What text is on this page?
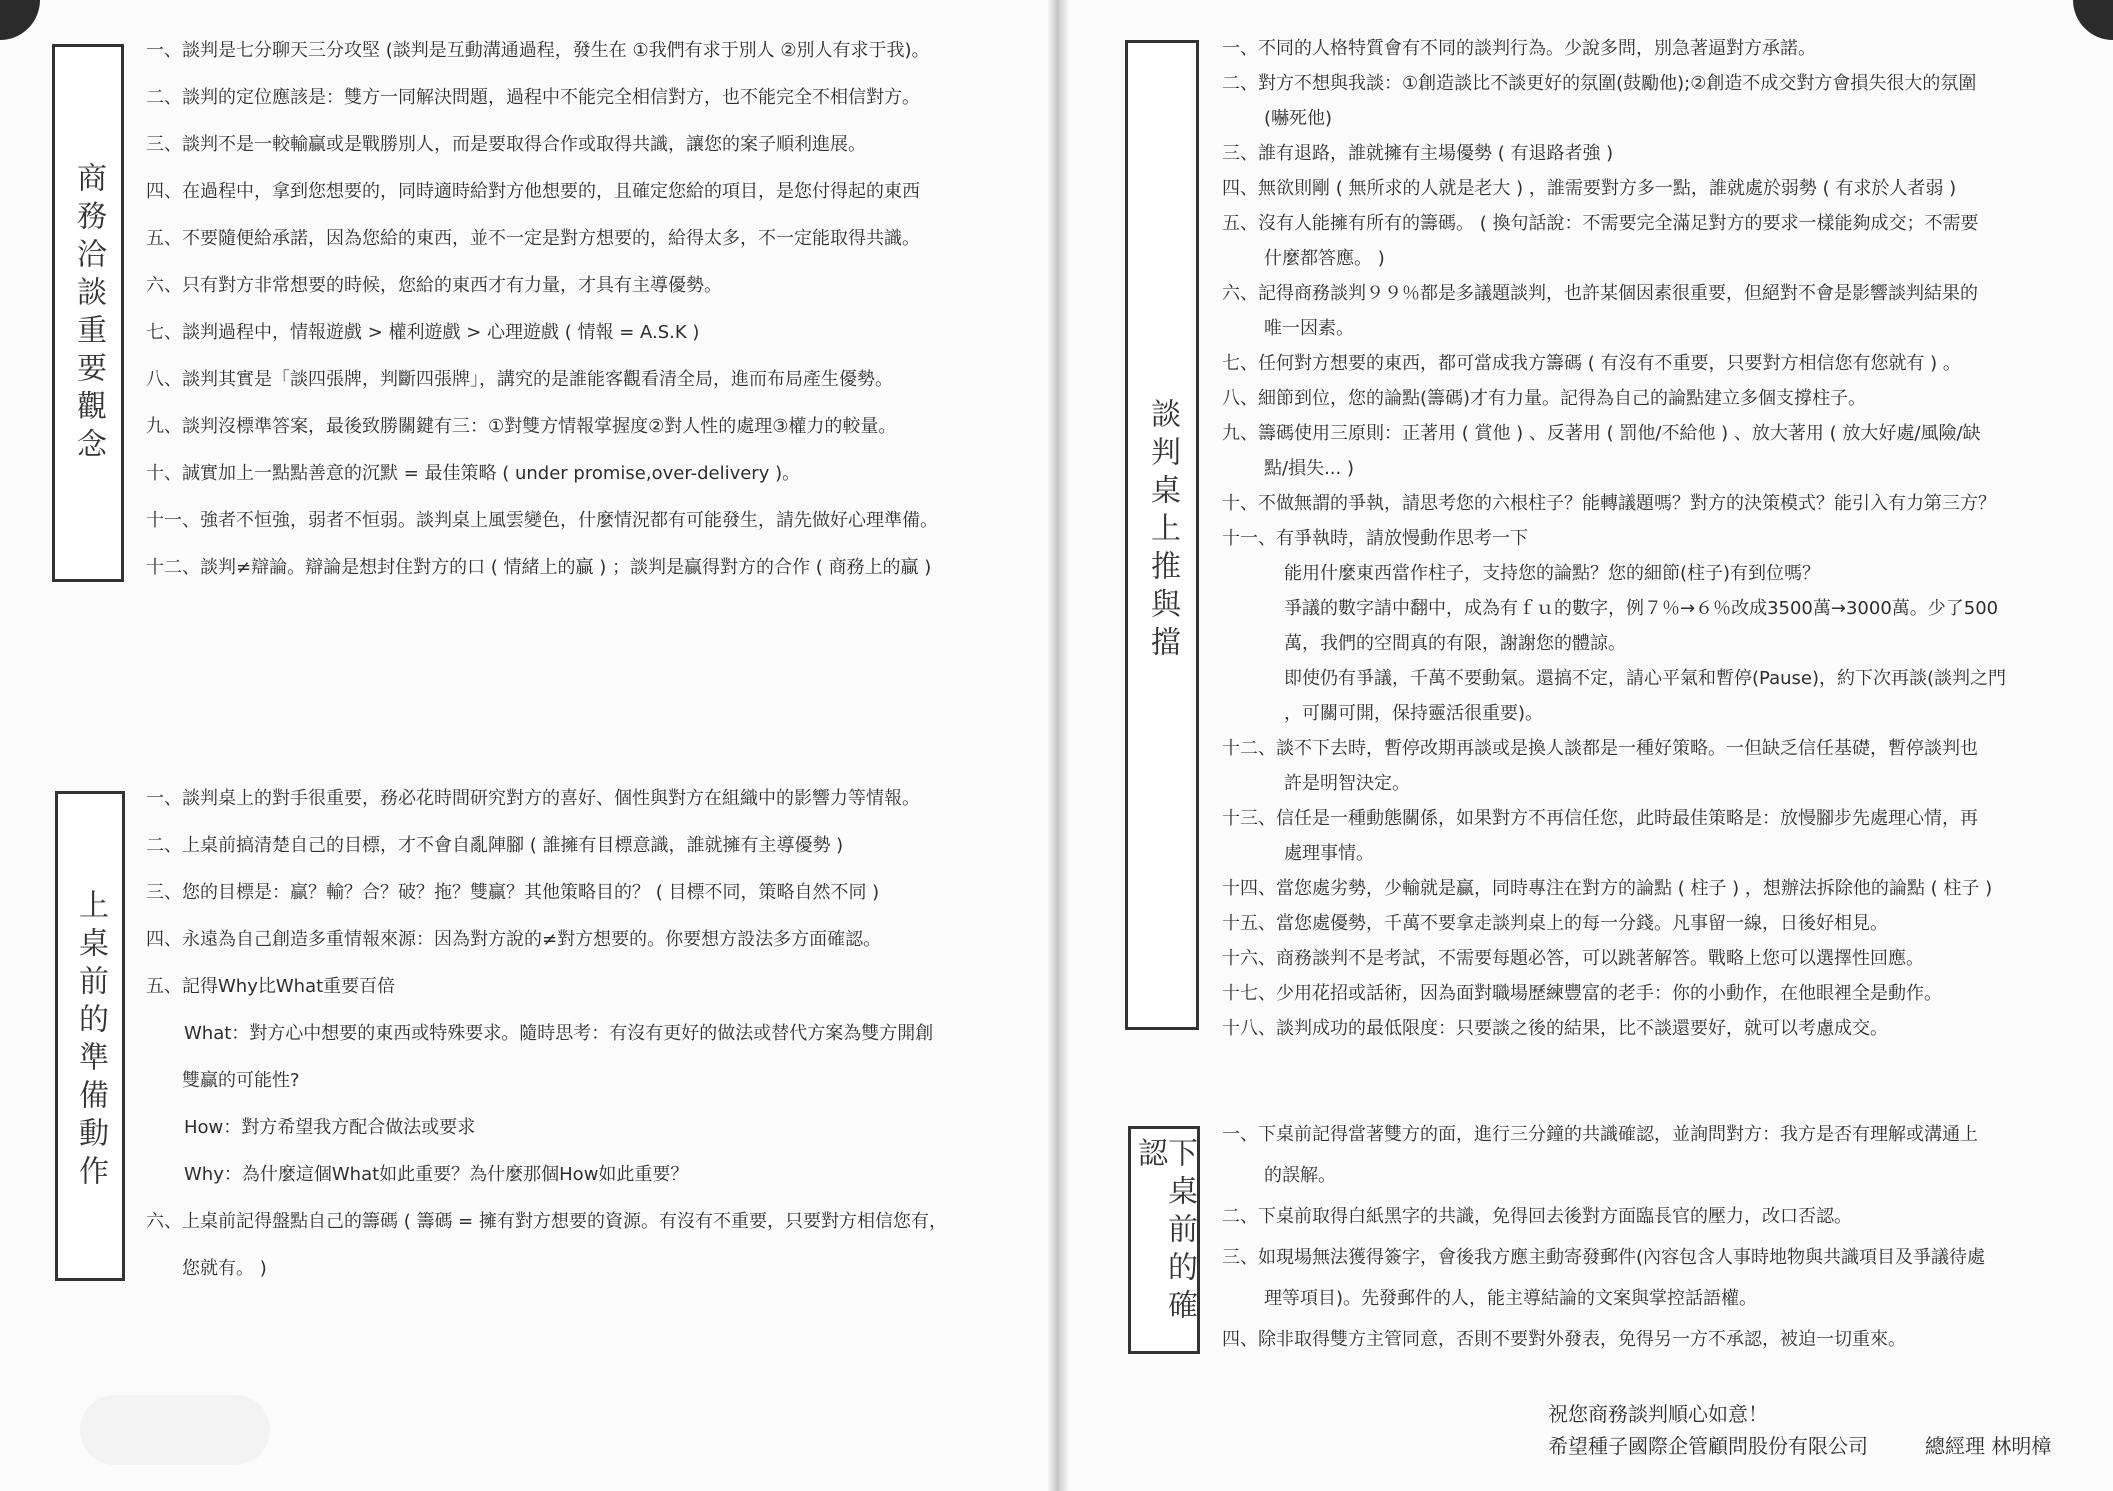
商務洽談重要觀念
一、談判是七分聊天三分攻堅 (談判是互動溝通過程，發生在 ①我們有求于別人 ②別人有求于我)。
二、談判的定位應該是：雙方一同解決問題，過程中不能完全相信對方，也不能完全不相信對方。
三、談判不是一較輸贏或是戰勝別人，而是要取得合作或取得共識，讓您的案子順利進展。
四、在過程中，拿到您想要的，同時適時給對方他想要的，且確定您給的項目，是您付得起的東西
五、不要隨便給承諾，因為您給的東西，並不一定是對方想要的，給得太多，不一定能取得共識。
六、只有對方非常想要的時候，您給的東西才有力量，才具有主導優勢。
七、談判過程中，情報遊戲 > 權利遊戲 > 心理遊戲 ( 情報 = A.S.K )
八、談判其實是「談四張牌，判斷四張牌」，講究的是誰能客觀看清全局，進而布局產生優勢。
九、談判沒標準答案，最後致勝關鍵有三：①對雙方情報掌握度②對人性的處理③權力的較量。
十、誠實加上一點點善意的沉默 = 最佳策略 ( under promise,over-delivery )。
十一、強者不恒強，弱者不恒弱。談判桌上風雲變色，什麼情況都有可能發生，請先做好心理準備。
十二、談判≠辯論。辯論是想封住對方的口 ( 情緒上的贏 ) ；談判是贏得對方的合作 ( 商務上的贏 )
上桌前的準備動作
一、談判桌上的對手很重要，務必花時間研究對方的喜好、個性與對方在組織中的影響力等情報。
二、上桌前搞清楚自己的目標，才不會自亂陣腳 ( 誰擁有目標意識，誰就擁有主導優勢 )
三、您的目標是：贏？輸？合？破？拖？雙贏？其他策略目的？ ( 目標不同，策略自然不同 )
四、永遠為自己創造多重情報來源：因為對方說的≠對方想要的。你要想方設法多方面確認。
五、記得Why比What重要百倍
What：對方心中想要的東西或特殊要求。隨時思考：有沒有更好的做法或替代方案為雙方開創
雙贏的可能性?
How：對方希望我方配合做法或要求
Why：為什麼這個What如此重要？為什麼那個How如此重要？
六、上桌前記得盤點自己的籌碼 ( 籌碼 = 擁有對方想要的資源。有沒有不重要，只要對方相信您有，
您就有。 )
談判桌上推與擋
一、不同的人格特質會有不同的談判行為。少說多問，別急著逼對方承諾。
二、對方不想與我談：①創造談比不談更好的氛圍(鼓勵他);②創造不成交對方會損失很大的氛圍
(嚇死他)
三、誰有退路，誰就擁有主場優勢 ( 有退路者強 )
四、無欲則剛 ( 無所求的人就是老大 ) ，誰需要對方多一點，誰就處於弱勢 ( 有求於人者弱 )
五、沒有人能擁有所有的籌碼。 ( 換句話說：不需要完全滿足對方的要求一樣能夠成交；不需要
什麼都答應。 )
六、記得商務談判９９％都是多議題談判，也許某個因素很重要，但絕對不會是影響談判結果的
唯一因素。
七、任何對方想要的東西，都可當成我方籌碼 ( 有沒有不重要，只要對方相信您有您就有 ) 。
八、細節到位，您的論點(籌碼)才有力量。記得為自己的論點建立多個支撐柱子。
九、籌碼使用三原則：正著用 ( 賞他 ) 、反著用 ( 罰他/不給他 ) 、放大著用 ( 放大好處/風險/缺
點/損失... )
十、不做無謂的爭執，請思考您的六根柱子？能轉議題嗎？對方的決策模式？能引入有力第三方？
十一、有爭執時，請放慢動作思考一下
能用什麼東西當作柱子，支持您的論點？您的細節(柱子)有到位嗎？
爭議的數字請中翻中，成為有ｆｕ的數字，例７％→６％改成3500萬→3000萬。少了500
萬，我們的空間真的有限，謝謝您的體諒。
即使仍有爭議，千萬不要動氣。還搞不定，請心平氣和暫停(Pause)，約下次再談(談判之門
，可關可開，保持靈活很重要)。
十二、談不下去時，暫停改期再談或是換人談都是一種好策略。一但缺乏信任基礎，暫停談判也
許是明智決定。
十三、信任是一種動態關係，如果對方不再信任您，此時最佳策略是：放慢腳步先處理心情，再
處理事情。
十四、當您處劣勢，少輸就是贏，同時專注在對方的論點 ( 柱子 ) ，想辦法拆除他的論點 ( 柱子 )
十五、當您處優勢，千萬不要拿走談判桌上的每一分錢。凡事留一線，日後好相見。
十六、商務談判不是考試，不需要每題必答，可以跳著解答。戰略上您可以選擇性回應。
十七、少用花招或話術，因為面對職場歷練豐富的老手：你的小動作，在他眼裡全是動作。
十八、談判成功的最低限度：只要談之後的結果，比不談還要好，就可以考慮成交。
下桌前的確認
一、下桌前記得當著雙方的面，進行三分鐘的共識確認，並詢問對方：我方是否有理解或溝通上
的誤解。
二、下桌前取得白紙黑字的共識，免得回去後對方面臨長官的壓力，改口否認。
三、如現場無法獲得簽字，會後我方應主動寄發郵件(內容包含人事時地物與共識項目及爭議待處
理等項目)。先發郵件的人，能主導結論的文案與掌控話語權。
四、除非取得雙方主管同意，否則不要對外發表，免得另一方不承認，被迫一切重來。
祝您商務談判順心如意！
希望種子國際企管顧問股份有限公司	總經理 林明樟
